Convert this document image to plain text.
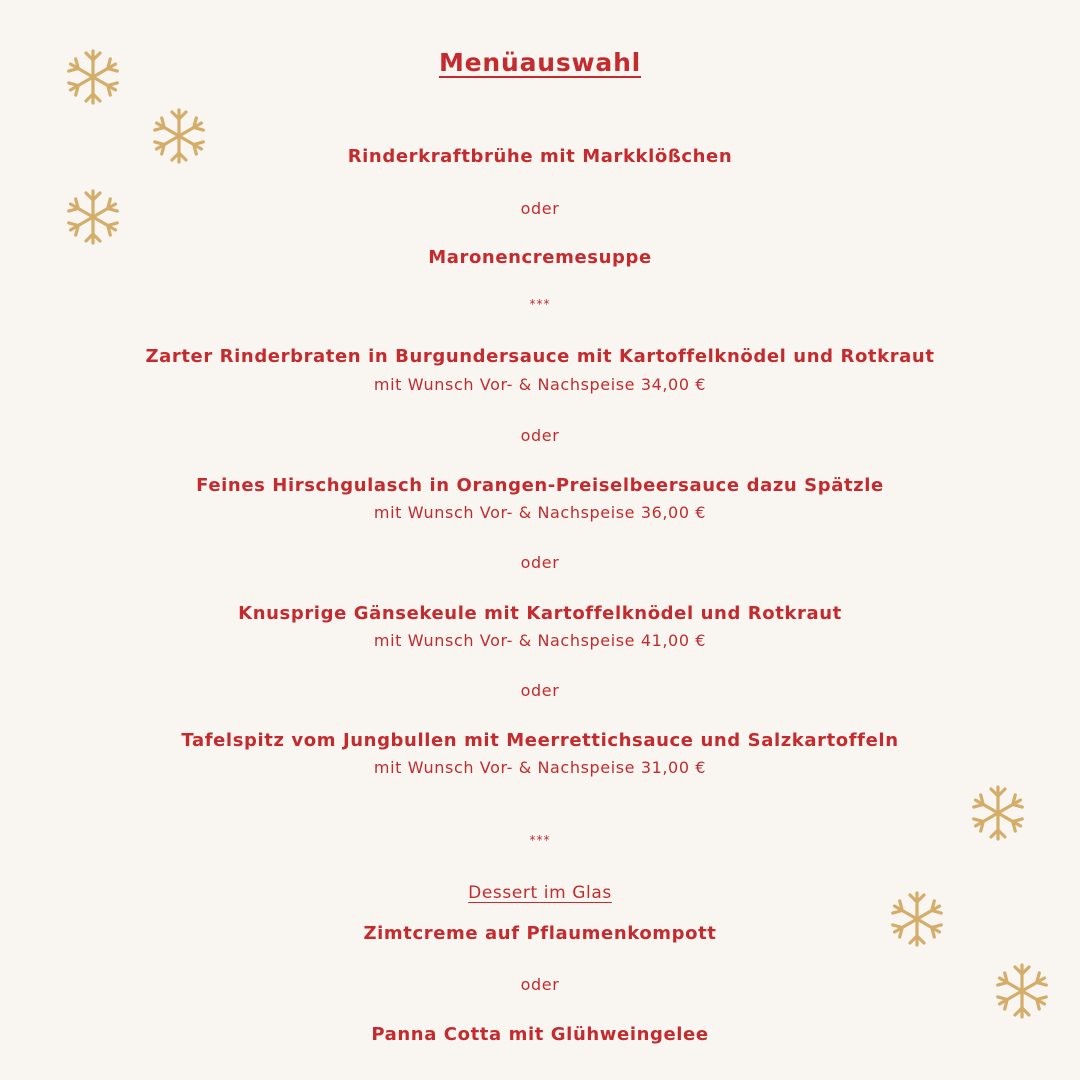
Menüauswahl
Rinderkraftbrühe mit Markklößchen
oder
Maronencremesuppe
***
Zarter Rinderbraten in Burgundersauce mit Kartoffelknödel und Rotkraut
mit Wunsch Vor- & Nachspeise 34,00 €
oder
Feines Hirschgulasch in Orangen-Preiselbeersauce dazu Spätzle
mit Wunsch Vor- & Nachspeise 36,00 €
oder
Knusprige Gänsekeule mit Kartoffelknödel und Rotkraut
mit Wunsch Vor- & Nachspeise 41,00 €
oder
Tafelspitz vom Jungbullen mit Meerrettichsauce und Salzkartoffeln
mit Wunsch Vor- & Nachspeise 31,00 €
***
Dessert im Glas
Zimtcreme auf Pflaumenkompott
oder
Panna Cotta mit Glühweingelee
